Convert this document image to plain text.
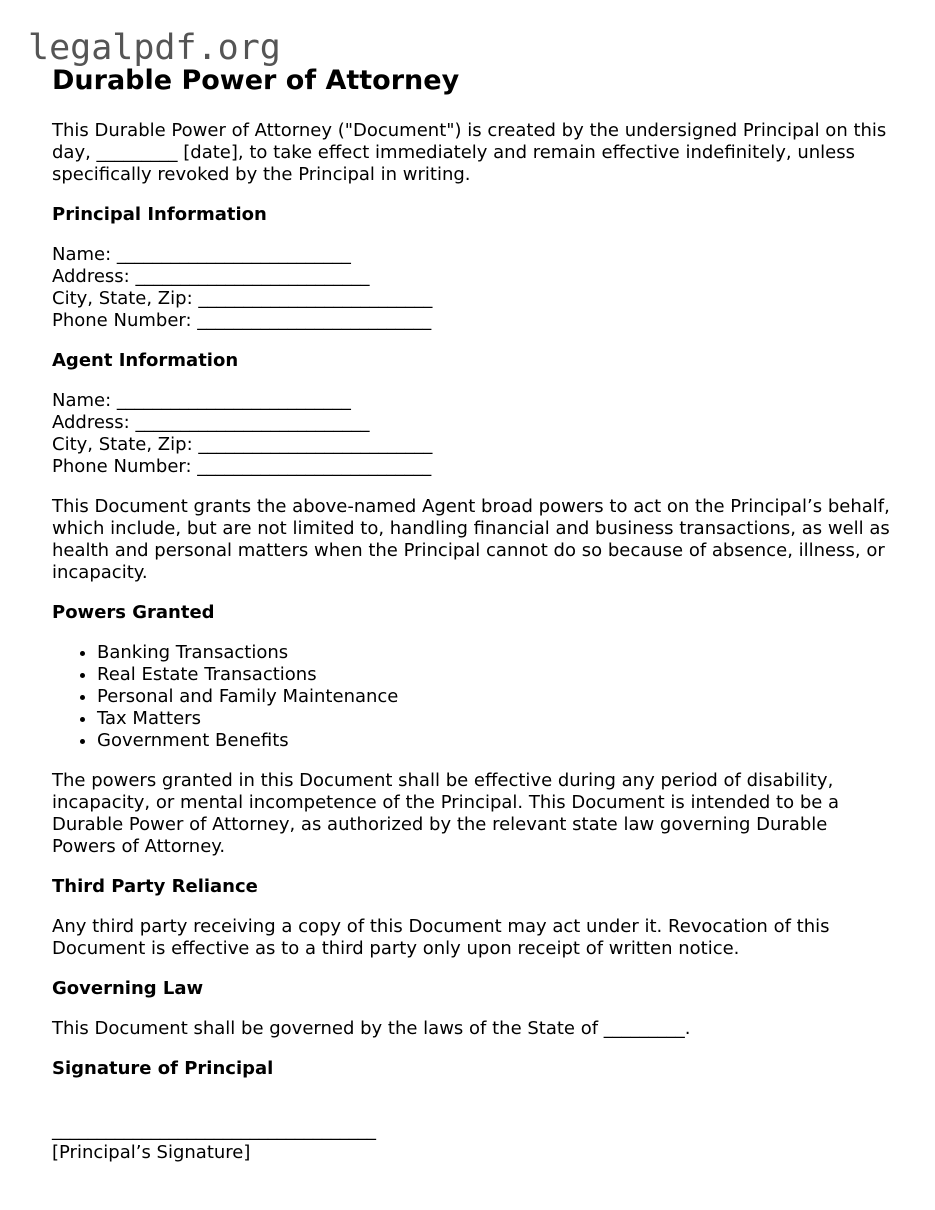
legalpdf.org
Durable Power of Attorney

This Durable Power of Attorney ("Document") is created by the undersigned Principal on this day, _________ [date], to take effect immediately and remain effective indefinitely, unless specifically revoked by the Principal in writing.

Principal Information
Name: __________________________
Address: __________________________
City, State, Zip: __________________________
Phone Number: __________________________
Agent Information
Name: __________________________
Address: __________________________
City, State, Zip: __________________________
Phone Number: __________________________

This Document grants the above-named Agent broad powers to act on the Principal’s behalf, which include, but are not limited to, handling financial and business transactions, as well as health and personal matters when the Principal cannot do so because of absence, illness, or incapacity.

Powers Granted
• Banking Transactions
• Real Estate Transactions
• Personal and Family Maintenance
• Tax Matters
• Government Benefits

The powers granted in this Document shall be effective during any period of disability, incapacity, or mental incompetence of the Principal. This Document is intended to be a Durable Power of Attorney, as authorized by the relevant state law governing Durable Powers of Attorney.

Third Party Reliance

Any third party receiving a copy of this Document may act under it. Revocation of this Document is effective as to a third party only upon receipt of written notice.

Governing Law

This Document shall be governed by the laws of the State of _________.

Signature of Principal
____________________________________
[Principal’s Signature]
